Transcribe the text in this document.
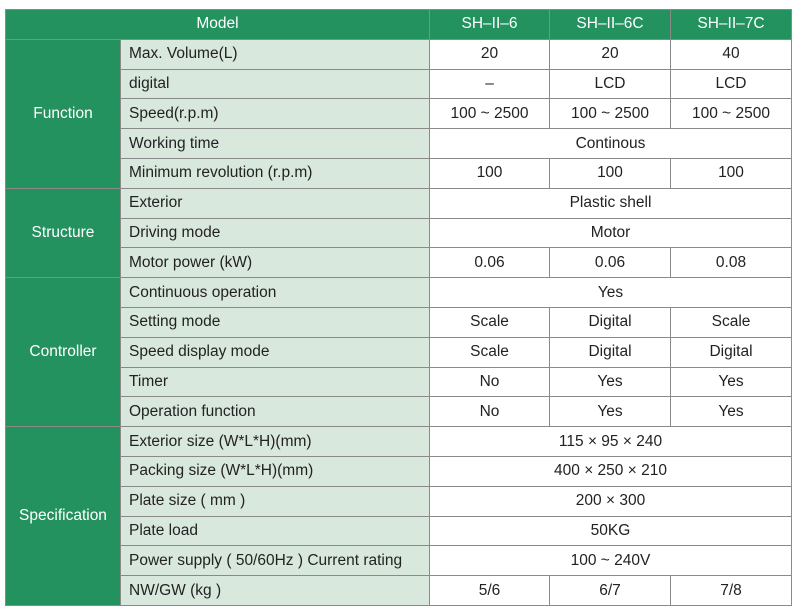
Model		SH–II–6	SH–II–6C	SH–II–7C
Function	Max. Volume(L)	20	20	40
	digital	–	LCD	LCD
	Speed(r.p.m)	100 ~ 2500	100 ~ 2500	100 ~ 2500
	Working time	Continous		
	Minimum revolution (r.p.m)	100	100	100
Structure	Exterior	Plastic shell		
	Driving mode	Motor		
	Motor power (kW)	0.06	0.06	0.08
Controller	Continuous operation	Yes		
	Setting mode	Scale	Digital	Scale
	Speed display mode	Scale	Digital	Digital
	Timer	No	Yes	Yes
	Operation function	No	Yes	Yes
Specification	Exterior size (W*L*H)(mm)	115 × 95 × 240		
	Packing size (W*L*H)(mm)	400 × 250 × 210		
	Plate size ( mm )	200 × 300		
	Plate load	50KG		
	Power supply ( 50/60Hz ) Current rating	100 ~ 240V		
	NW/GW (kg )	5/6	6/7	7/8
